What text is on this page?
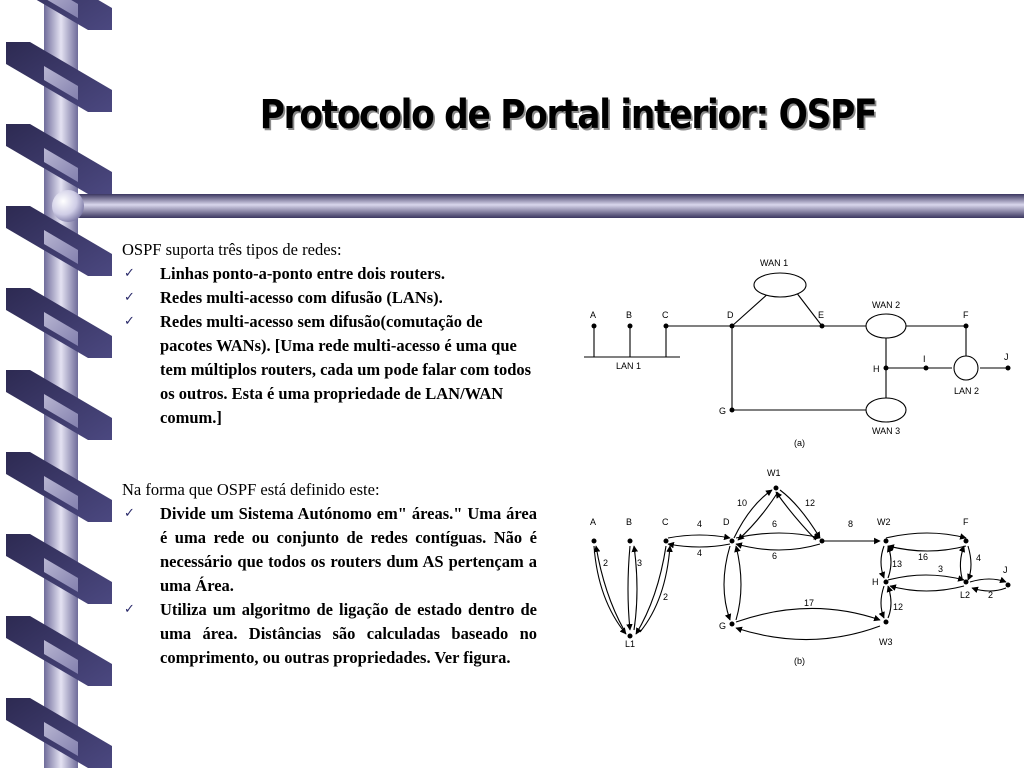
Protocolo de Portal interior: OSPF

OSPF suporta três tipos de redes:

✓ Linhas ponto-a-ponto entre dois routers.
✓ Redes multi-acesso com difusão (LANs).
✓ Redes multi-acesso sem difusão(comutação de pacotes WANs). [Uma rede multi-acesso é uma que tem múltiplos routers, cada um pode falar com todos os outros. Esta é uma propriedade de LAN/WAN comum.]

Na forma que OSPF está definido este:

✓ Divide um Sistema Autónomo em" áreas." Uma área é uma rede ou conjunto de redes contíguas. Não é necessário que todos os routers dum AS pertençam a uma Área.
✓ Utiliza um algoritmo de ligação de estado dentro de uma área. Distâncias são calculadas baseado no comprimento, ou outras propriedades. Ver figura.
A	B	C	D	E	F
G
H
I	J
WAN 1
WAN 2
WAN 3
LAN 1
LAN 2
(a)
A	B	C	D
W1
W2	F
H
J
L2
G
W3
L1
10	12
6
6
8
4
4
2	3
2
17
16	4
13	3
12
2
(b)
